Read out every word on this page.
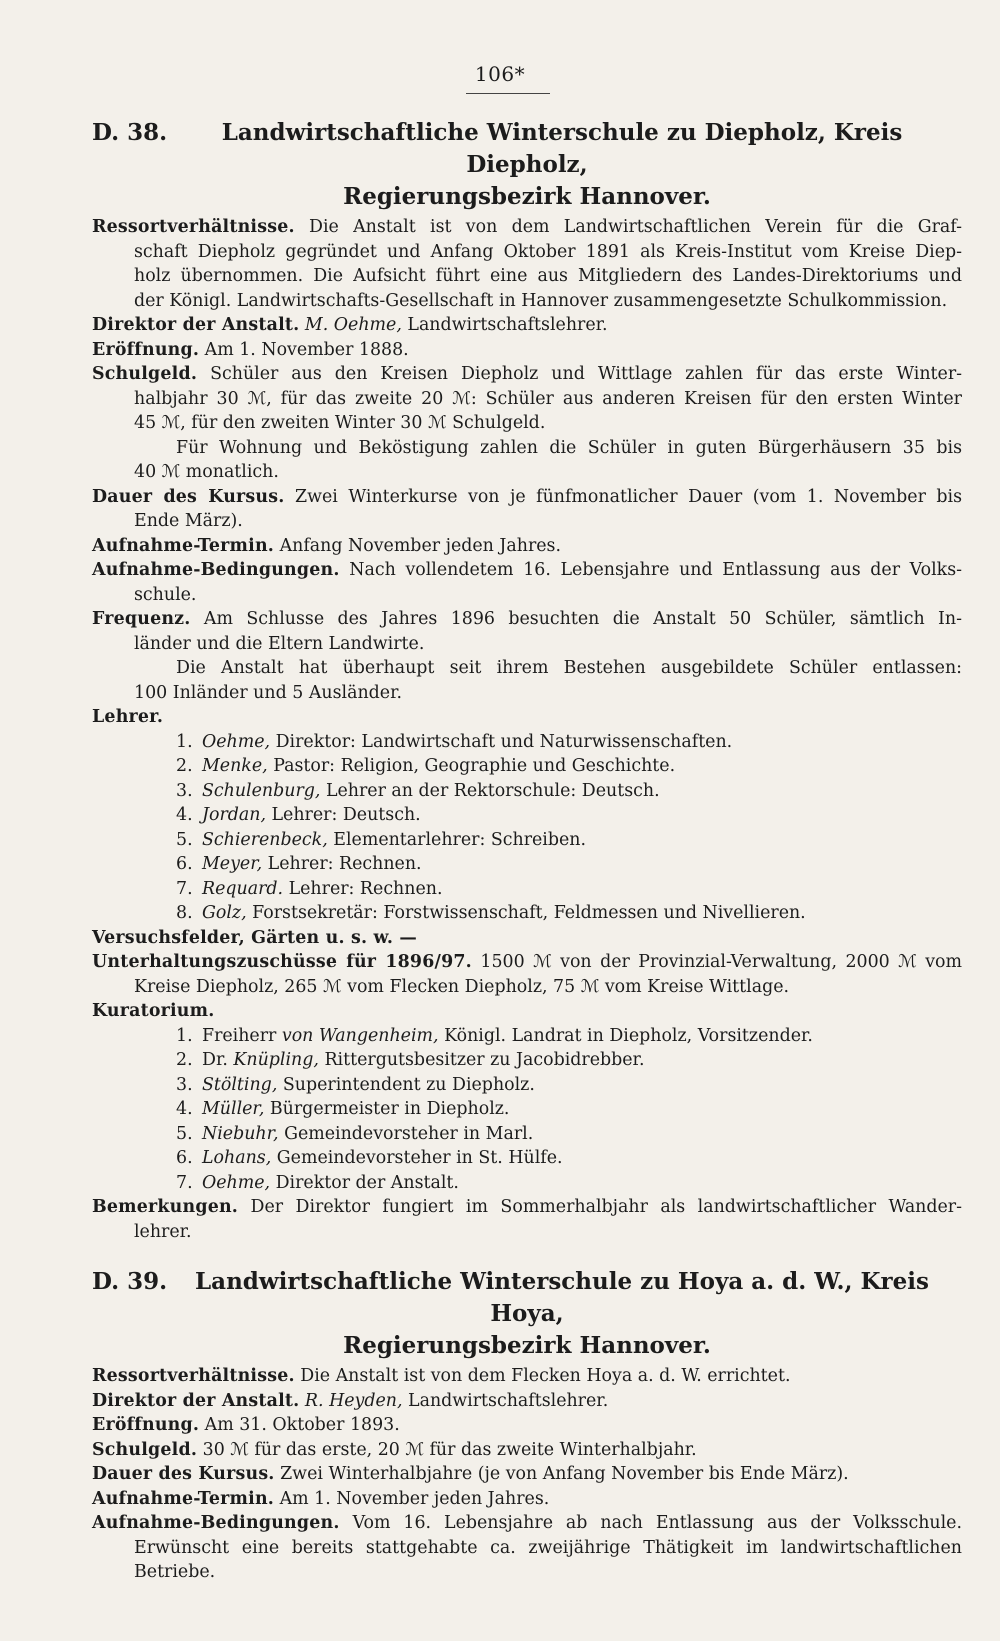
106*
D. 38. Landwirtschaftliche Winterschule zu Diepholz, Kreis Diepholz,
Regierungsbezirk Hannover.

Ressortverhältnisse. Die Anstalt ist von dem Landwirtschaftlichen Verein für die Graf-

schaft Diepholz gegründet und Anfang Oktober 1891 als Kreis-Institut vom Kreise Diep-

holz übernommen. Die Aufsicht führt eine aus Mitgliedern des Landes-Direktoriums und

der Königl. Landwirtschafts-Gesellschaft in Hannover zusammengesetzte Schulkommission.

Direktor der Anstalt. M. Oehme, Landwirtschaftslehrer.

Eröffnung. Am 1. November 1888.

Schulgeld. Schüler aus den Kreisen Diepholz und Wittlage zahlen für das erste Winter-

halbjahr 30 ℳ, für das zweite 20 ℳ: Schüler aus anderen Kreisen für den ersten Winter

45 ℳ, für den zweiten Winter 30 ℳ Schulgeld.

Für Wohnung und Beköstigung zahlen die Schüler in guten Bürgerhäusern 35 bis

40 ℳ monatlich.

Dauer des Kursus. Zwei Winterkurse von je fünfmonatlicher Dauer (vom 1. November bis

Ende März).

Aufnahme-Termin. Anfang November jeden Jahres.

Aufnahme-Bedingungen. Nach vollendetem 16. Lebensjahre und Entlassung aus der Volks-

schule.

Frequenz. Am Schlusse des Jahres 1896 besuchten die Anstalt 50 Schüler, sämtlich In-

länder und die Eltern Landwirte.

Die Anstalt hat überhaupt seit ihrem Bestehen ausgebildete Schüler entlassen:

100 Inländer und 5 Ausländer.

Lehrer.

1. Oehme, Direktor: Landwirtschaft und Naturwissenschaften.

2. Menke, Pastor: Religion, Geographie und Geschichte.

3. Schulenburg, Lehrer an der Rektorschule: Deutsch.

4. Jordan, Lehrer: Deutsch.

5. Schierenbeck, Elementarlehrer: Schreiben.

6. Meyer, Lehrer: Rechnen.

7. Requard. Lehrer: Rechnen.

8. Golz, Forstsekretär: Forstwissenschaft, Feldmessen und Nivellieren.

Versuchsfelder, Gärten u. s. w. —

Unterhaltungszuschüsse für 1896/97. 1500 ℳ von der Provinzial-Verwaltung, 2000 ℳ vom

Kreise Diepholz, 265 ℳ vom Flecken Diepholz, 75 ℳ vom Kreise Wittlage.

Kuratorium.

1. Freiherr von Wangenheim, Königl. Landrat in Diepholz, Vorsitzender.

2. Dr. Knüpling, Rittergutsbesitzer zu Jacobidrebber.

3. Stölting, Superintendent zu Diepholz.

4. Müller, Bürgermeister in Diepholz.

5. Niebuhr, Gemeindevorsteher in Marl.

6. Lohans, Gemeindevorsteher in St. Hülfe.

7. Oehme, Direktor der Anstalt.

Bemerkungen. Der Direktor fungiert im Sommerhalbjahr als landwirtschaftlicher Wander-

lehrer.

D. 39. Landwirtschaftliche Winterschule zu Hoya a. d. W., Kreis Hoya,
Regierungsbezirk Hannover.

Ressortverhältnisse. Die Anstalt ist von dem Flecken Hoya a. d. W. errichtet.

Direktor der Anstalt. R. Heyden, Landwirtschaftslehrer.

Eröffnung. Am 31. Oktober 1893.

Schulgeld. 30 ℳ für das erste, 20 ℳ für das zweite Winterhalbjahr.

Dauer des Kursus. Zwei Winterhalbjahre (je von Anfang November bis Ende März).

Aufnahme-Termin. Am 1. November jeden Jahres.

Aufnahme-Bedingungen. Vom 16. Lebensjahre ab nach Entlassung aus der Volksschule.

Erwünscht eine bereits stattgehabte ca. zweijährige Thätigkeit im landwirtschaftlichen

Betriebe.
